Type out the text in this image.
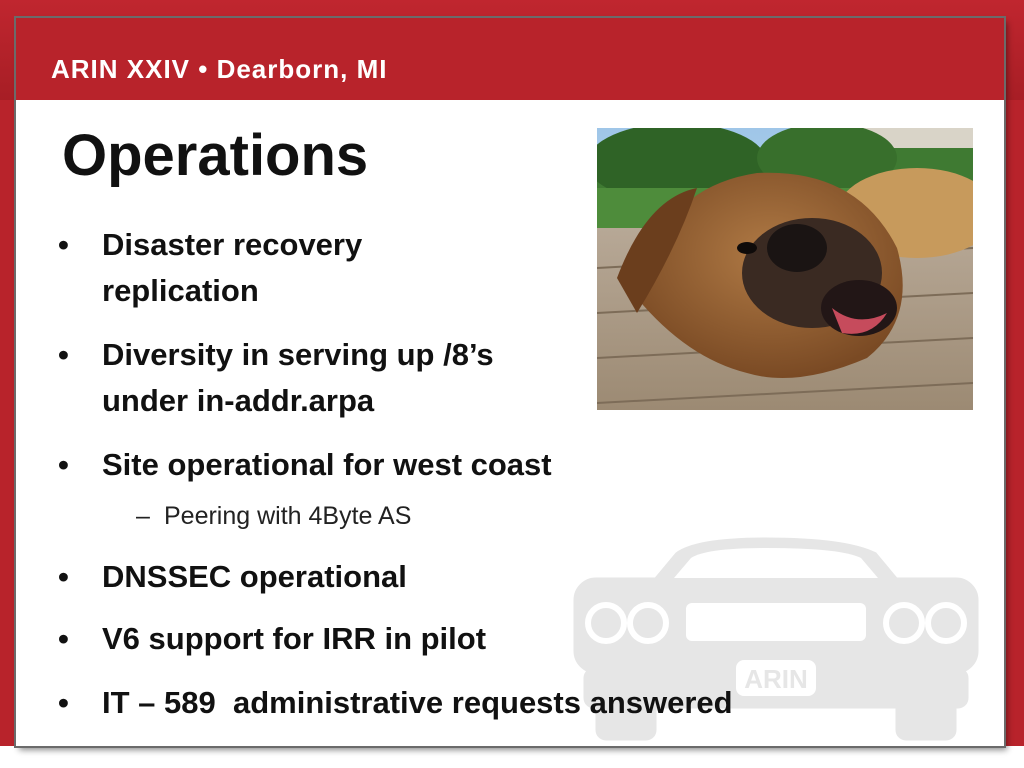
ARIN XXIV • Dearborn, MI
ARIN
Operations
•	Disaster recovery
replication
•	Diversity in serving up /8’s
under in-addr.arpa
•	Site operational for west coast
– Peering with 4Byte AS
•	DNSSEC operational
•	V6 support for IRR in pilot
•	IT – 589  administrative requests answered
